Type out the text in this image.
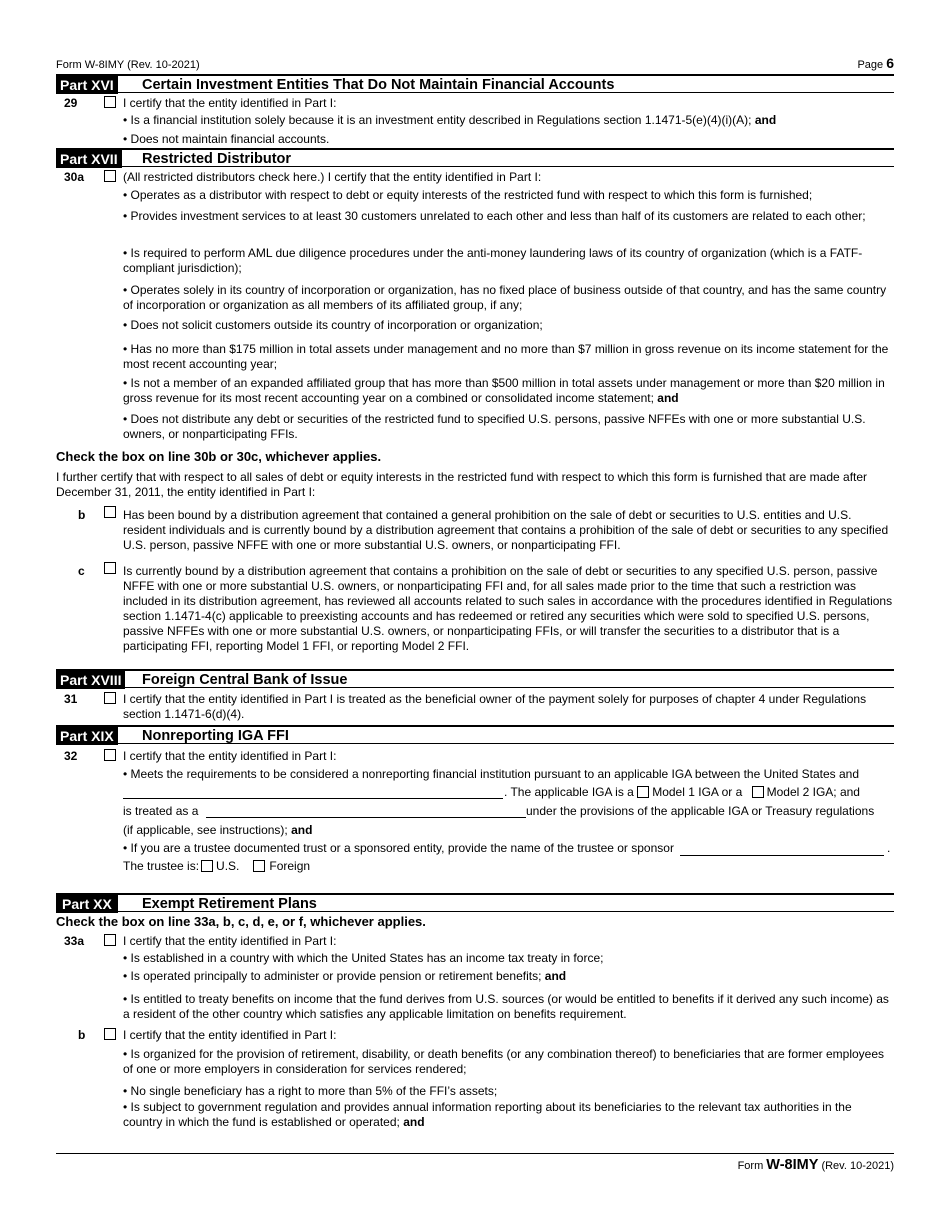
Form W-8IMY (Rev. 10-2021)	Page 6
Part XVI Certain Investment Entities That Do Not Maintain Financial Accounts
29	I certify that the entity identified in Part I:
• Is a financial institution solely because it is an investment entity described in Regulations section 1.1471-5(e)(4)(i)(A); and
• Does not maintain financial accounts.
Part XVII Restricted Distributor
30a	(All restricted distributors check here.) I certify that the entity identified in Part I:
• Operates as a distributor with respect to debt or equity interests of the restricted fund with respect to which this form is furnished;
• Provides investment services to at least 30 customers unrelated to each other and less than half of its customers are related to each other;
• Is required to perform AML due diligence procedures under the anti-money laundering laws of its country of organization (which is a FATF-compliant jurisdiction);
• Operates solely in its country of incorporation or organization, has no fixed place of business outside of that country, and has the same country of incorporation or organization as all members of its affiliated group, if any;
• Does not solicit customers outside its country of incorporation or organization;
• Has no more than $175 million in total assets under management and no more than $7 million in gross revenue on its income statement for the most recent accounting year;
• Is not a member of an expanded affiliated group that has more than $500 million in total assets under management or more than $20 million in gross revenue for its most recent accounting year on a combined or consolidated income statement; and
• Does not distribute any debt or securities of the restricted fund to specified U.S. persons, passive NFFEs with one or more substantial U.S. owners, or nonparticipating FFIs.
Check the box on line 30b or 30c, whichever applies.
I further certify that with respect to all sales of debt or equity interests in the restricted fund with respect to which this form is furnished that are made after December 31, 2011, the entity identified in Part I:
b	Has been bound by a distribution agreement that contained a general prohibition on the sale of debt or securities to U.S. entities and U.S. resident individuals and is currently bound by a distribution agreement that contains a prohibition of the sale of debt or securities to any specified U.S. person, passive NFFE with one or more substantial U.S. owners, or nonparticipating FFI.
c	Is currently bound by a distribution agreement that contains a prohibition on the sale of debt or securities to any specified U.S. person, passive NFFE with one or more substantial U.S. owners, or nonparticipating FFI and, for all sales made prior to the time that such a restriction was included in its distribution agreement, has reviewed all accounts related to such sales in accordance with the procedures identified in Regulations section 1.1471-4(c) applicable to preexisting accounts and has redeemed or retired any securities which were sold to specified U.S. persons, passive NFFEs with one or more substantial U.S. owners, or nonparticipating FFIs, or will transfer the securities to a distributor that is a participating FFI, reporting Model 1 FFI, or reporting Model 2 FFI.
Part XVIII Foreign Central Bank of Issue
31	I certify that the entity identified in Part I is treated as the beneficial owner of the payment solely for purposes of chapter 4 under Regulations section 1.1471-6(d)(4).
Part XIX Nonreporting IGA FFI
32	I certify that the entity identified in Part I:
• Meets the requirements to be considered a nonreporting financial institution pursuant to an applicable IGA between the United States and
. The applicable IGA is a Model 1 IGA or a Model 2 IGA; and
is treated as a	under the provisions of the applicable IGA or Treasury regulations
(if applicable, see instructions); and
• If you are a trustee documented trust or a sponsored entity, provide the name of the trustee or sponsor	.
The trustee is: U.S.	Foreign
Part XX	Exempt Retirement Plans
Check the box on line 33a, b, c, d, e, or f, whichever applies.
33a	I certify that the entity identified in Part I:
• Is established in a country with which the United States has an income tax treaty in force;
• Is operated principally to administer or provide pension or retirement benefits; and
• Is entitled to treaty benefits on income that the fund derives from U.S. sources (or would be entitled to benefits if it derived any such income) as a resident of the other country which satisfies any applicable limitation on benefits requirement.
b	I certify that the entity identified in Part I:
• Is organized for the provision of retirement, disability, or death benefits (or any combination thereof) to beneficiaries that are former employees of one or more employers in consideration for services rendered;
• No single beneficiary has a right to more than 5% of the FFI’s assets;
• Is subject to government regulation and provides annual information reporting about its beneficiaries to the relevant tax authorities in the country in which the fund is established or operated; and
Form W-8IMY (Rev. 10-2021)
